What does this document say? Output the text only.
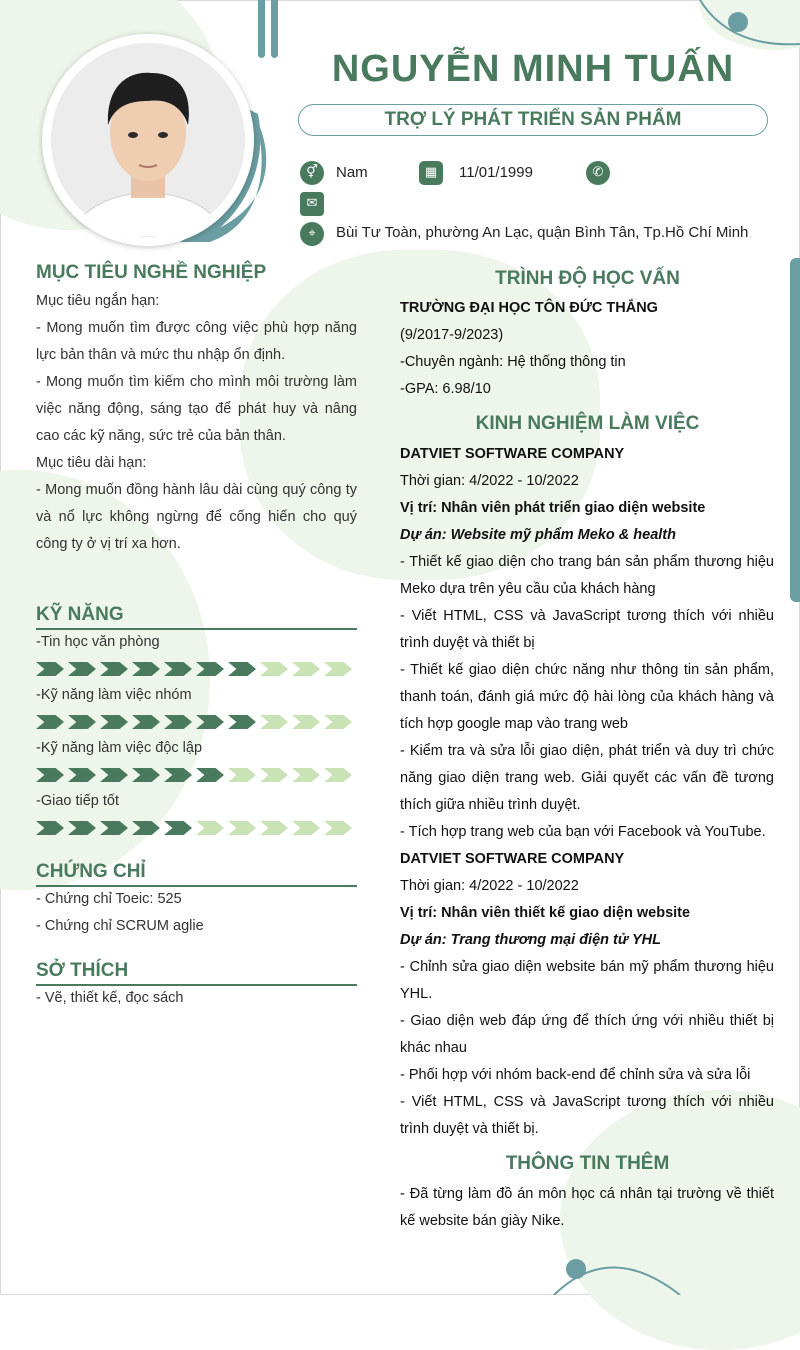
NGUYỄN MINH TUẤN
TRỢ LÝ PHÁT TRIỂN SẢN PHẨM
⚥	Nam	▦	11/01/1999	✆
✉
⌖	Bùi Tư Toàn, phường An Lạc, quận Bình Tân, Tp.Hồ Chí Minh
MỤC TIÊU NGHỀ NGHIỆP

Mục tiêu ngắn hạn:

- Mong muốn tìm được công việc phù hợp năng lực bản thân và mức thu nhập ổn định.

- Mong muốn tìm kiếm cho mình môi trường làm việc năng động, sáng tạo để phát huy và nâng cao các kỹ năng, sức trẻ của bản thân.

Mục tiêu dài hạn:

- Mong muốn đồng hành lâu dài cùng quý công ty và nổ lực không ngừng để cống hiến cho quý công ty ở vị trí xa hơn.

KỸ NĂNG
-Tin học văn phòng
-Kỹ năng làm việc nhóm
-Kỹ năng làm việc độc lập
-Giao tiếp tốt
CHỨNG CHỈ

- Chứng chỉ Toeic: 525

- Chứng chỉ SCRUM aglie

SỞ THÍCH

- Vẽ, thiết kế, đọc sách

TRÌNH ĐỘ HỌC VẤN

TRƯỜNG ĐẠI HỌC TÔN ĐỨC THẮNG

(9/2017-9/2023)

-Chuyên ngành: Hệ thống thông tin

-GPA: 6.98/10

KINH NGHIỆM LÀM VIỆC

DATVIET SOFTWARE COMPANY

Thời gian: 4/2022 - 10/2022

Vị trí: Nhân viên phát triển giao diện website

Dự án: Website mỹ phẩm Meko & health

- Thiết kế giao diện cho trang bán sản phẩm thương hiệu Meko dựa trên yêu cầu của khách hàng

- Viết HTML, CSS và JavaScript tương thích với nhiều trình duyệt và thiết bị

- Thiết kế giao diện chức năng như thông tin sản phẩm, thanh toán, đánh giá mức độ hài lòng của khách hàng và tích hợp google map vào trang web

- Kiểm tra và sửa lỗi giao diện, phát triển và duy trì chức năng giao diện trang web. Giải quyết các vấn đề tương thích giữa nhiều trình duyệt.

- Tích hợp trang web của bạn với Facebook và YouTube.

DATVIET SOFTWARE COMPANY

Thời gian: 4/2022 - 10/2022

Vị trí: Nhân viên thiết kế giao diện website

Dự án: Trang thương mại điện tử YHL

- Chỉnh sửa giao diện website bán mỹ phẩm thương hiệu YHL.

- Giao diện web đáp ứng để thích ứng với nhiều thiết bị khác nhau

- Phối hợp với nhóm back-end để chỉnh sửa và sửa lỗi

- Viết HTML, CSS và JavaScript tương thích với nhiều trình duyệt và thiết bị.

THÔNG TIN THÊM

- Đã từng làm đồ án môn học cá nhân tại trường về thiết kế website bán giày Nike.
